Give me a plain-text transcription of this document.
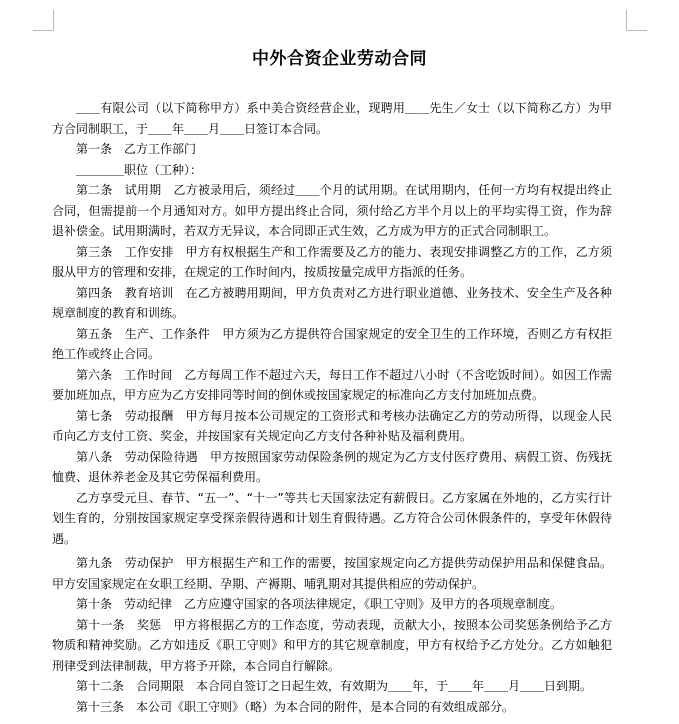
中外合资企业劳动合同

＿＿有限公司（以下简称甲方）系中美合资经营企业，现聘用＿＿先生／女士（以下简称乙方）为甲方合同制职工，于＿＿年＿＿月＿＿日签订本合同。

第一条　乙方工作部门

＿＿＿＿职位（工种）：

第二条　试用期　乙方被录用后，须经过＿＿个月的试用期。在试用期内，任何一方均有权提出终止合同，但需提前一个月通知对方。如甲方提出终止合同，须付给乙方半个月以上的平均实得工资，作为辞退补偿金。试用期满时，若双方无异议，本合同即正式生效，乙方成为甲方的正式合同制职工。

第三条　工作安排　甲方有权根据生产和工作需要及乙方的能力、表现安排调整乙方的工作，乙方须服从甲方的管理和安排，在规定的工作时间内，按质按量完成甲方指派的任务。

第四条　教育培训　在乙方被聘用期间，甲方负责对乙方进行职业道德、业务技术、安全生产及各种规章制度的教育和训练。

第五条　生产、工作条件　甲方须为乙方提供符合国家规定的安全卫生的工作环境，否则乙方有权拒绝工作或终止合同。

第六条　工作时间　乙方每周工作不超过六天，每日工作不超过八小时（不含吃饭时间）。如因工作需要加班加点，甲方应为乙方安排同等时间的倒休或按国家规定的标准向乙方支付加班加点费。

第七条　劳动报酬　甲方每月按本公司规定的工资形式和考核办法确定乙方的劳动所得，以现金人民币向乙方支付工资、奖金，并按国家有关规定向乙方支付各种补贴及福利费用。

第八条　劳动保险待遇　甲方按照国家劳动保险条例的规定为乙方支付医疗费用、病假工资、伤残抚恤费、退休养老金及其它劳保福利费用。

乙方享受元旦、春节、“五一”、“十一”等共七天国家法定有薪假日。乙方家属在外地的，乙方实行计划生育的，分别按国家规定享受探亲假待遇和计划生育假待遇。乙方符合公司休假条件的，享受年休假待遇。

第九条　劳动保护　甲方根据生产和工作的需要，按国家规定向乙方提供劳动保护用品和保健食品。甲方安国家规定在女职工经期、孕期、产褥期、哺乳期对其提供相应的劳动保护。

第十条　劳动纪律　乙方应遵守国家的各项法律规定，《职工守则》及甲方的各项规章制度。

第十一条　奖惩　甲方将根据乙方的工作态度，劳动表现，贡献大小，按照本公司奖惩条例给予乙方物质和精神奖励。乙方如违反《职工守则》和甲方的其它规章制度，甲方有权给予乙方处分。乙方如触犯刑律受到法律制裁，甲方将予开除，本合同自行解除。

第十二条　合同期限　本合同自签订之日起生效，有效期为＿＿年，于＿＿年＿＿月＿＿日到期。

第十三条　本公司《职工守则》（略）为本合同的附件，是本合同的有效组成部分。
